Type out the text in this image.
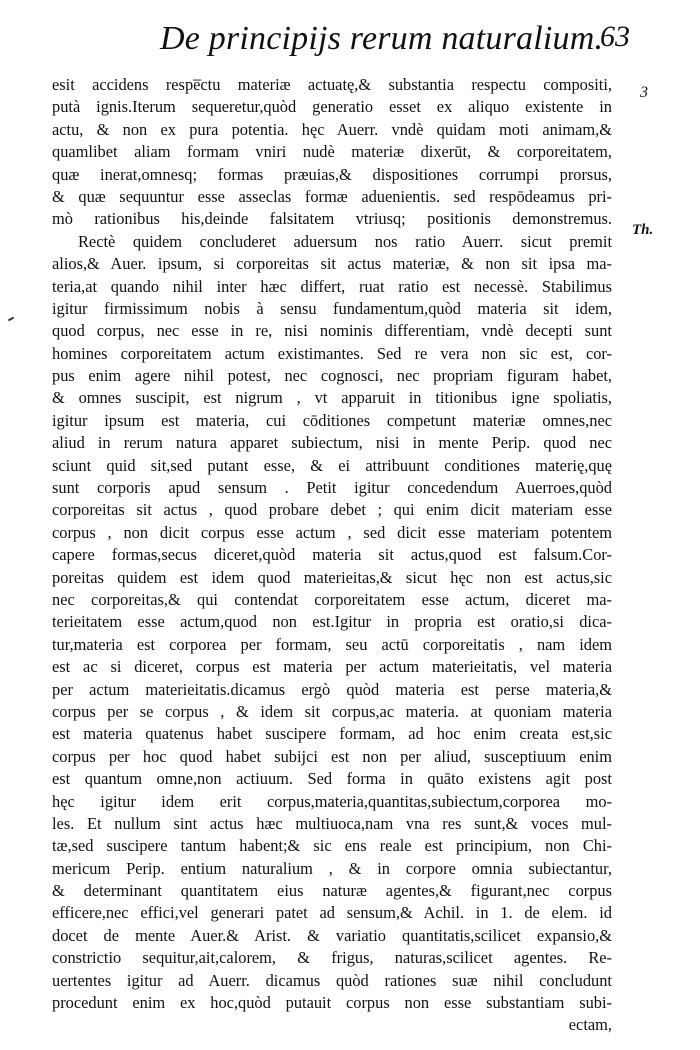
De principijs rerum naturalium.
63
3
Th.
esit accidens respe̅ctu materiæ actuatę,& substantia respectu compositi,
putà ignis.Iterum sequeretur,quòd generatio esset ex aliquo existente in
actu, & non ex pura potentia. hęc Auerr. vndè quidam moti animam,&
quamlibet aliam formam vniri nudè materiæ dixerūt, & corporeitatem,
quæ inerat,omnesq; formas præuias,& dispositiones corrumpi prorsus,
& quæ sequuntur esse asseclas formæ aduenientis. sed respōdeamus pri-
mò rationibus his,deinde falsitatem vtriusq; positionis demonstremus.
Rectè quidem concluderet aduersum nos ratio Auerr. sicut premit
alios,& Auer. ipsum, si corporeitas sit actus materiæ, & non sit ipsa ma-
teria,at quando nihil inter hæc differt, ruat ratio est necessè. Stabilimus
igitur firmissimum nobis à sensu fundamentum,quòd materia sit idem,
quod corpus, nec esse in re, nisi nominis differentiam, vndè decepti sunt
homines corporeitatem actum existimantes. Sed re vera non sic est, cor-
pus enim agere nihil potest, nec cognosci, nec propriam figuram habet,
& omnes suscipit, est nigrum , vt apparuit in titionibus igne spoliatis,
igitur ipsum est materia, cui cōditiones competunt materiæ omnes,nec
aliud in rerum natura apparet subiectum, nisi in mente Perip. quod nec
sciunt quid sit,sed putant esse, & ei attribuunt conditiones materię,quę
sunt corporis apud sensum . Petit igitur concedendum Auerroes,quòd
corporeitas sit actus , quod probare debet ; qui enim dicit materiam esse
corpus , non dicit corpus esse actum , sed dicit esse materiam potentem
capere formas,secus diceret,quòd materia sit actus,quod est falsum.Cor-
poreitas quidem est idem quod materieitas,& sicut hęc non est actus,sic
nec corporeitas,& qui contendat corporeitatem esse actum, diceret ma-
terieitatem esse actum,quod non est.Igitur in propria est oratio,si dica-
tur,materia est corporea per formam, seu actū corporeitatis , nam idem
est ac si diceret, corpus est materia per actum materieitatis, vel materia
per actum materieitatis.dicamus ergò quòd materia est perse materia,&
corpus per se corpus , & idem sit corpus,ac materia. at quoniam materia
est materia quatenus habet suscipere formam, ad hoc enim creata est,sic
corpus per hoc quod habet subijci est non per aliud, susceptiuum enim
est quantum omne,non actiuum. Sed forma in quāto existens agit post
hęc igitur idem erit corpus,materia,quantitas,subiectum,corporea mo-
les. Et nullum sint actus hæc multiuoca,nam vna res sunt,& voces mul-
tæ,sed suscipere tantum habent;& sic ens reale est principium, non Chi-
mericum Perip. entium naturalium , & in corpore omnia subiectantur,
& determinant quantitatem eius naturæ agentes,& figurant,nec corpus
efficere,nec effici,vel generari patet ad sensum,& Achil. in 1. de elem. id
docet de mente Auer.& Arist. & variatio quantitatis,scilicet expansio,&
constrictio sequitur,ait,calorem, & frigus, naturas,scilicet agentes. Re-
uertentes igitur ad Auerr. dicamus quòd rationes suæ nihil concludunt
procedunt enim ex hoc,quòd putauit corpus non esse substantiam subi-
ectam,
